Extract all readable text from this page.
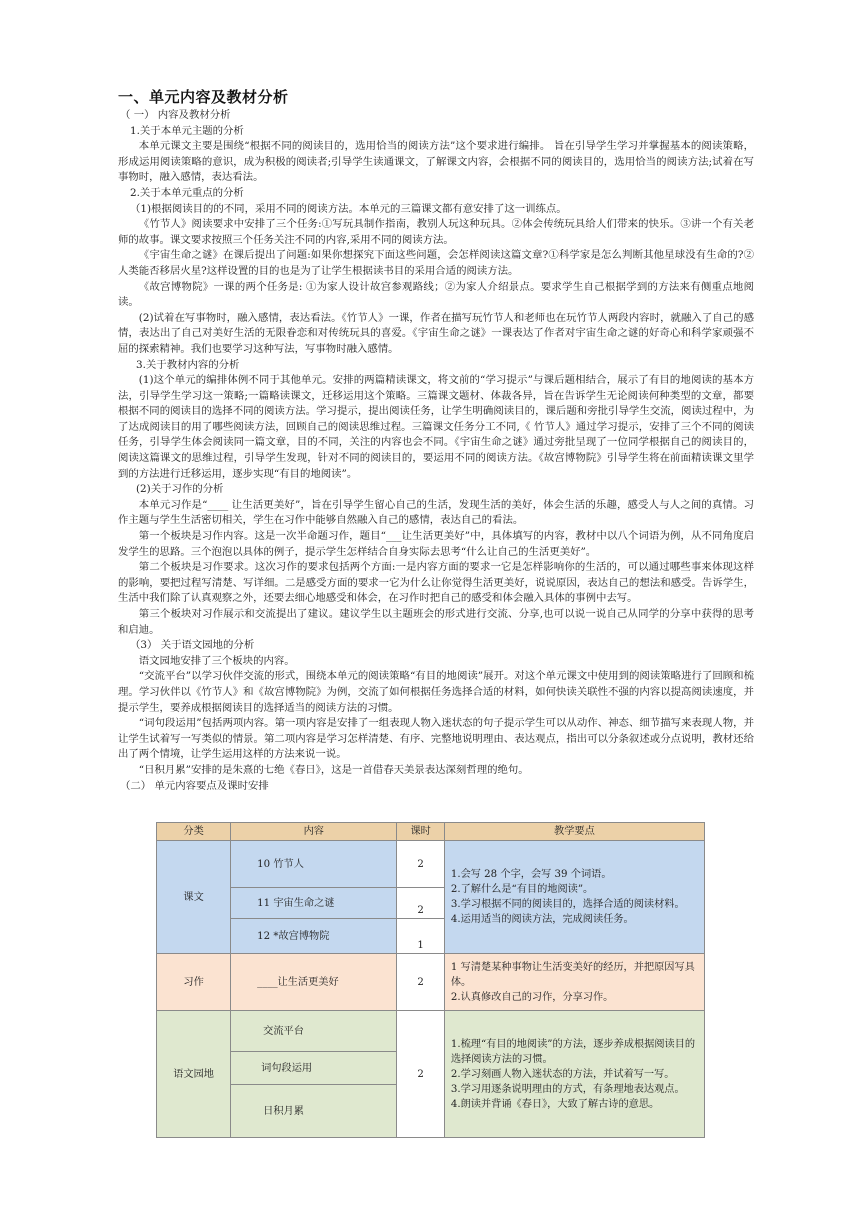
一、单元内容及教材分析

（ 一） 内容及教材分析

1.关于本单元主题的分析

本单元课文主要是围绕“根据不同的阅读目的，选用恰当的阅读方法”这个要求进行编排。 旨在引导学生学习并掌握基本的阅读策略，形成运用阅读策略的意识，成为积极的阅读者;引导学生读通课文，了解课文内容，会根据不同的阅读目的，选用恰当的阅读方法;试着在写事物时，融入感情，表达看法。

2.关于本单元重点的分析

（1)根据阅读目的的不同，采用不同的阅读方法。本单元的三篇课文都有意安排了这一训练点。

《竹节人》阅读要求中安排了三个任务:①写玩具制作指南，教别人玩这种玩具。②体会传统玩具给人们带来的快乐。③讲一个有关老师的故事。课文要求按照三个任务关注不同的内容,采用不同的阅读方法。

《宇宙生命之谜》在课后提出了问题:如果你想探究下面这些问题，会怎样阅读这篇文章?①科学家是怎么判断其他星球没有生命的?②人类能否移居火星?这样设置的目的也是为了让学生根据读书目的采用合适的阅读方法。

《故宫博物院》一课的两个任务是: ①为家人设计故宫参观路线；②为家人介绍景点。要求学生自己根据学到的方法来有侧重点地阅读。

(2)试着在写事物时，融入感情，表达看法。《竹节人》一课，作者在描写玩竹节人和老师也在玩竹节人两段内容时，就融入了自己的感情，表达出了自己对美好生活的无限眷恋和对传统玩具的喜爱。《宇宙生命之谜》一课表达了作者对宇宙生命之谜的好奇心和科学家顽强不屈的探索精神。我们也要学习这种写法，写事物时融入感情。

3.关于教材内容的分析

(1)这个单元的编排体例不同于其他单元。安排的两篇精读课文，将文前的“学习提示”与课后题相结合，展示了有目的地阅读的基本方法，引导学生学习这一策略;一篇略读课文，迁移运用这个策略。三篇课文题材、体裁各异，旨在告诉学生无论阅读何种类型的文章，都要根据不同的阅读目的选择不同的阅读方法。学习提示，提出阅读任务，让学生明确阅读目的，课后题和旁批引导学生交流，阅读过程中，为了达成阅读目的用了哪些阅读方法，回顾自己的阅读思维过程。三篇课文任务分工不同,《 竹节人》通过学习提示，安排了三个不同的阅读任务，引导学生体会阅读同一篇文章，目的不同，关注的内容也会不同。《宇宙生命之谜》通过旁批呈现了一位同学根据自己的阅读目的，阅读这篇课文的思维过程，引导学生发现，针对不同的阅读目的，要运用不同的阅读方法。《故宫博物院》引导学生将在前面精读课文里学到的方法进行迁移运用，逐步实现“有目的地阅读”。

(2)关于习作的分析

本单元习作是“____ 让生活更美好”，旨在引导学生留心自己的生活，发现生活的美好，体会生活的乐趣，感受人与人之间的真情。习作主题与学生生活密切相关，学生在习作中能够自然融入自己的感情，表达自己的看法。

第一个板块是习作内容。这是一次半命题习作，题目“___让生活更美好”中，具体填写的内容，教材中以八个词语为例，从不同角度启发学生的思路。三个泡泡以具体的例子，提示学生怎样结合自身实际去思考“什么让自己的生活更美好”。

第二个板块是习作要求。这次习作的要求包括两个方面:一是内容方面的要求一它是怎样影响你的生活的，可以通过哪些事来体现这样的影响，要把过程写清楚、写详细。二是感受方面的要求一它为什么让你觉得生活更美好，说说原因，表达自己的想法和感受。告诉学生，生活中我们除了认真观察之外，还要去细心地感受和体会，在习作时把自己的感受和体会融入具体的事例中去写。

第三个板块对习作展示和交流提出了建议。建议学生以主题班会的形式进行交流、分享,也可以说一说自己从同学的分享中获得的思考和启迪。

（3） 关于语文园地的分析

语文园地安排了三个板块的内容。

“交流平台”以学习伙伴交流的形式，围绕本单元的阅读策略“有目的地阅读”展开。对这个单元课文中使用到的阅读策略进行了回顾和梳理。学习伙伴以《竹节人》和《故宫博物院》为例，交流了如何根据任务选择合适的材料，如何快读关联性不强的内容以提高阅读速度，并提示学生，要养成根据阅读目的选择适当的阅读方法的习惯。

“词句段运用”包括两项内容。第一项内容是安排了一组表现人物入迷状态的句子提示学生可以从动作、神态、细节描写来表现人物，并让学生试着写一写类似的情景。第二项内容是学习怎样清楚、有序、完整地说明理由、表达观点，指出可以分条叙述或分点说明，教材还给出了两个情境，让学生运用这样的方法来说一说。

“日积月累”安排的是朱熹的七绝《春日》，这是一首借春天美景表达深刻哲理的绝句。

（二） 单元内容要点及课时安排

分类	内容	课时	教学要点
课文	10 竹节人	2	1.会写 28 个字，会写 39 个词语。
2.了解什么是“有目的地阅读”。
3.学习根据不同的阅读目的，选择合适的阅读材料。
4.运用适当的阅读方法，完成阅读任务。

	11 宇宙生命之谜	2	
	12 *故宫博物院	1	
习作	____让生活更美好	2	1 写清楚某种事物让生活变美好的经历，并把原因写具体。
2.认真修改自己的习作，分享习作。

语文园地	交流平台	2	1.梳理“有目的地阅读”的方法，逐步养成根据阅读目的选择阅读方法的习惯。
2.学习刻画人物入迷状态的方法，并试着写一写。
3.学习用逐条说明理由的方式，有条理地表达观点。
4.朗读并背诵《春日》，大致了解古诗的意思。

	词句段运用		
	日积月累		
